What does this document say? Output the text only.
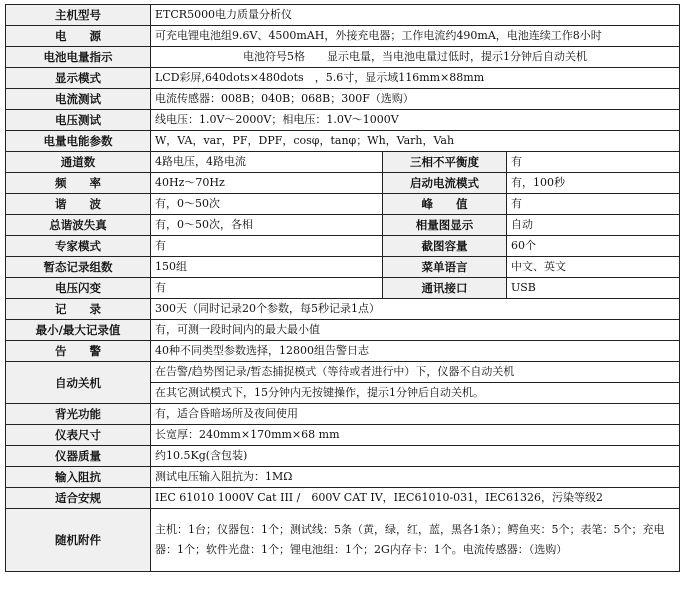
主机型号	ETCR5000电力质量分析仪		
电　　源	可充电锂电池组9.6V、4500mAH，外接充电器；工作电流约490mA，电池连续工作8小时		
电池电量指示	电池符号5格　　显示电量，当电池电量过低时，提示1分钟后自动关机		
显示模式	LCD彩屏,640dots×480dots　，5.6寸，显示域116mm×88mm		
电流测试	电流传感器：008B；040B；068B；300F（选购）		
电压测试	线电压：1.0V～2000V；相电压：1.0V～1000V		
电量电能参数	W，VA，var，PF，DPF，cosφ，tanφ；Wh，Varh，Vah		
通道数	4路电压，4路电流	三相不平衡度	有
频　　率	40Hz～70Hz	启动电流模式	有，100秒
谐　　波	有，0～50次	峰　　值	有
总谐波失真	有，0～50次，各相	相量图显示	自动
专家模式	有	截图容量	60个
暂态记录组数	150组	菜单语言	中文、英文
电压闪变	有	通讯接口	USB
记　　录	300天（同时记录20个参数，每5秒记录1点）		
最小/最大记录值	有，可测一段时间内的最大最小值		
告　　警	40种不同类型参数选择，12800组告警日志		
自动关机	在告警/趋势图记录/暂态捕捉模式（等待或者进行中）下，仪器不自动关机		
	在其它测试模式下，15分钟内无按键操作，提示1分钟后自动关机。		
背光功能	有，适合昏暗场所及夜间使用		
仪表尺寸	长宽厚：240mm×170mm×68 mm		
仪器质量	约10.5Kg(含包装)		
输入阻抗	测试电压输入阻抗为：1MΩ		
适合安规	IEC 61010 1000V Cat III /　600V CAT IV，IEC61010-031，IEC61326，污染等级2		
随机附件	主机：1台；仪器包：1个；测试线：5条（黄，绿，红，蓝，黑各1条）；鳄鱼夹：5个；表笔：5个；充电器：1个；软件光盘：1个；锂电池组：1个；2G内存卡：1个。电流传感器：（选购）		
